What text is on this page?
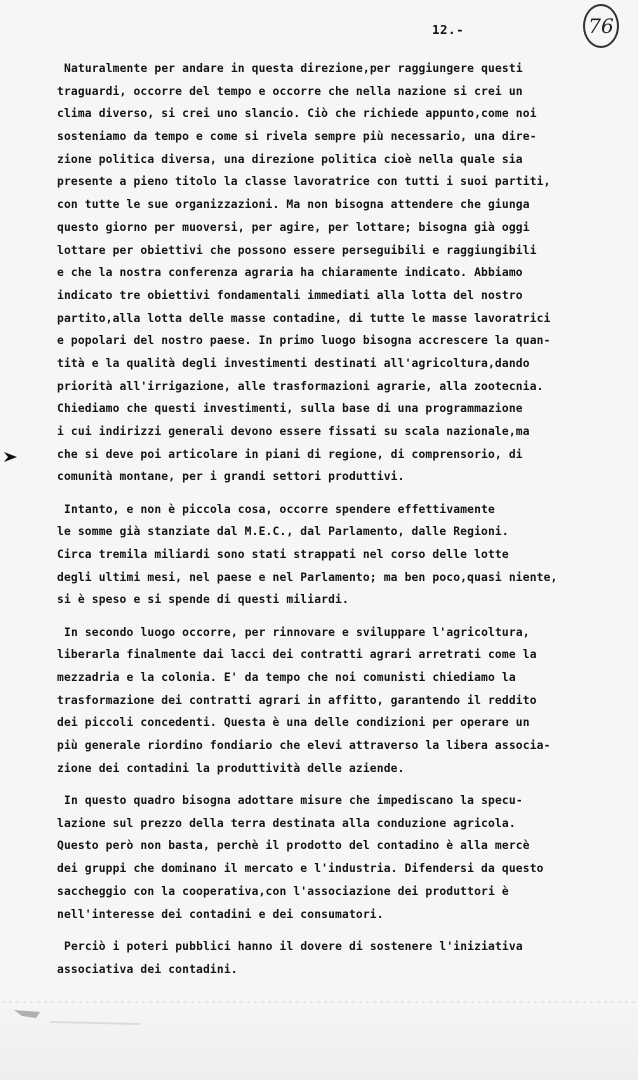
12.-	76
Naturalmente per andare in questa direzione,per raggiungere questi
traguardi, occorre del tempo e occorre che nella nazione si crei un
clima diverso, si crei uno slancio. Ciò che richiede appunto,come noi
sosteniamo da tempo e come si rivela sempre più necessario, una dire-
zione politica diversa, una direzione politica cioè nella quale sia
presente a pieno titolo la classe lavoratrice con tutti i suoi partiti,
con tutte le sue organizzazioni. Ma non bisogna attendere che giunga
questo giorno per muoversi, per agire, per lottare; bisogna già oggi
lottare per obiettivi che possono essere perseguibili e raggiungibili
e che la nostra conferenza agraria ha chiaramente indicato. Abbiamo
indicato tre obiettivi fondamentali immediati alla lotta del nostro
partito,alla lotta delle masse contadine, di tutte le masse lavoratrici
e popolari del nostro paese. In primo luogo bisogna accrescere la quan-
tità e la qualità degli investimenti destinati all'agricoltura,dando
priorità all'irrigazione, alle trasformazioni agrarie, alla zootecnia.
Chiediamo che questi investimenti, sulla base di una programmazione
i cui indirizzi generali devono essere fissati su scala nazionale,ma
che si deve poi articolare in piani di regione, di comprensorio, di
comunità montane, per i grandi settori produttivi.
Intanto, e non è piccola cosa, occorre spendere effettivamente
le somme già stanziate dal M.E.C., dal Parlamento, dalle Regioni.
Circa tremila miliardi sono stati strappati nel corso delle lotte
degli ultimi mesi, nel paese e nel Parlamento; ma ben poco,quasi niente,
si è speso e si spende di questi miliardi.
In secondo luogo occorre, per rinnovare e sviluppare l'agricoltura,
liberarla finalmente dai lacci dei contratti agrari arretrati come la
mezzadria e la colonia. E' da tempo che noi comunisti chiediamo la
trasformazione dei contratti agrari in affitto, garantendo il reddito
dei piccoli concedenti. Questa è una delle condizioni per operare un
più generale riordino fondiario che elevi attraverso la libera associa-
zione dei contadini la produttività delle aziende.
In questo quadro bisogna adottare misure che impediscano la specu-
lazione sul prezzo della terra destinata alla conduzione agricola.
Questo però non basta, perchè il prodotto del contadino è alla mercè
dei gruppi che dominano il mercato e l'industria. Difendersi da questo
saccheggio con la cooperativa,con l'associazione dei produttori è
nell'interesse dei contadini e dei consumatori.
Perciò i poteri pubblici hanno il dovere di sostenere l'iniziativa
associativa dei contadini.
